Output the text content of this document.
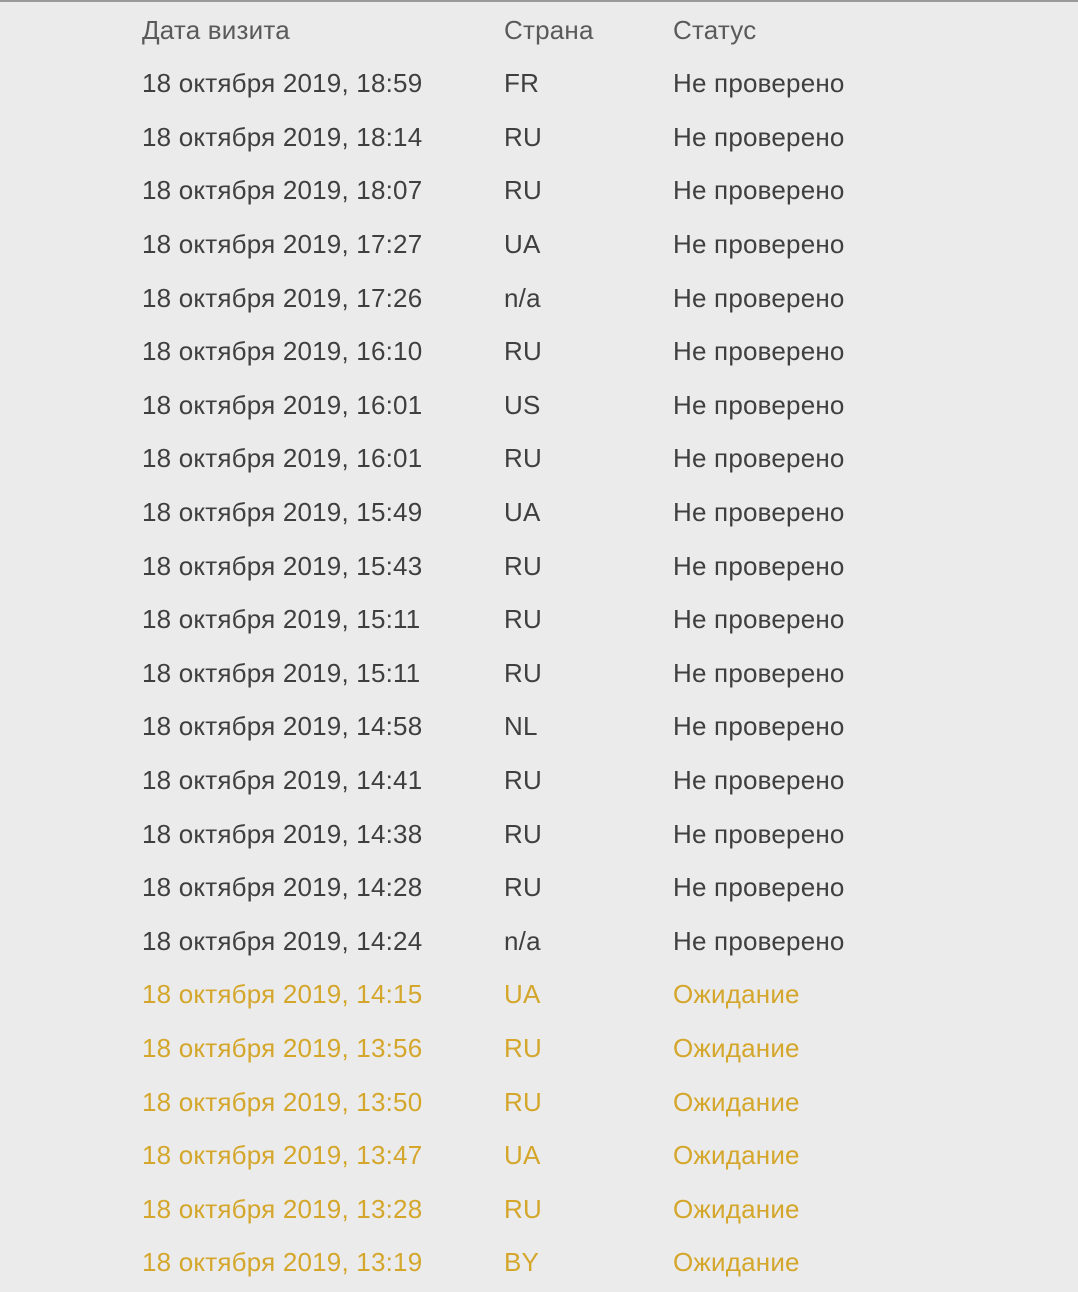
Дата визита	Страна	Статус
18 октября 2019, 18:59	FR	Не проверено
18 октября 2019, 18:14	RU	Не проверено
18 октября 2019, 18:07	RU	Не проверено
18 октября 2019, 17:27	UA	Не проверено
18 октября 2019, 17:26	n/a	Не проверено
18 октября 2019, 16:10	RU	Не проверено
18 октября 2019, 16:01	US	Не проверено
18 октября 2019, 16:01	RU	Не проверено
18 октября 2019, 15:49	UA	Не проверено
18 октября 2019, 15:43	RU	Не проверено
18 октября 2019, 15:11	RU	Не проверено
18 октября 2019, 15:11	RU	Не проверено
18 октября 2019, 14:58	NL	Не проверено
18 октября 2019, 14:41	RU	Не проверено
18 октября 2019, 14:38	RU	Не проверено
18 октября 2019, 14:28	RU	Не проверено
18 октября 2019, 14:24	n/a	Не проверено
18 октября 2019, 14:15	UA	Ожидание
18 октября 2019, 13:56	RU	Ожидание
18 октября 2019, 13:50	RU	Ожидание
18 октября 2019, 13:47	UA	Ожидание
18 октября 2019, 13:28	RU	Ожидание
18 октября 2019, 13:19	BY	Ожидание
